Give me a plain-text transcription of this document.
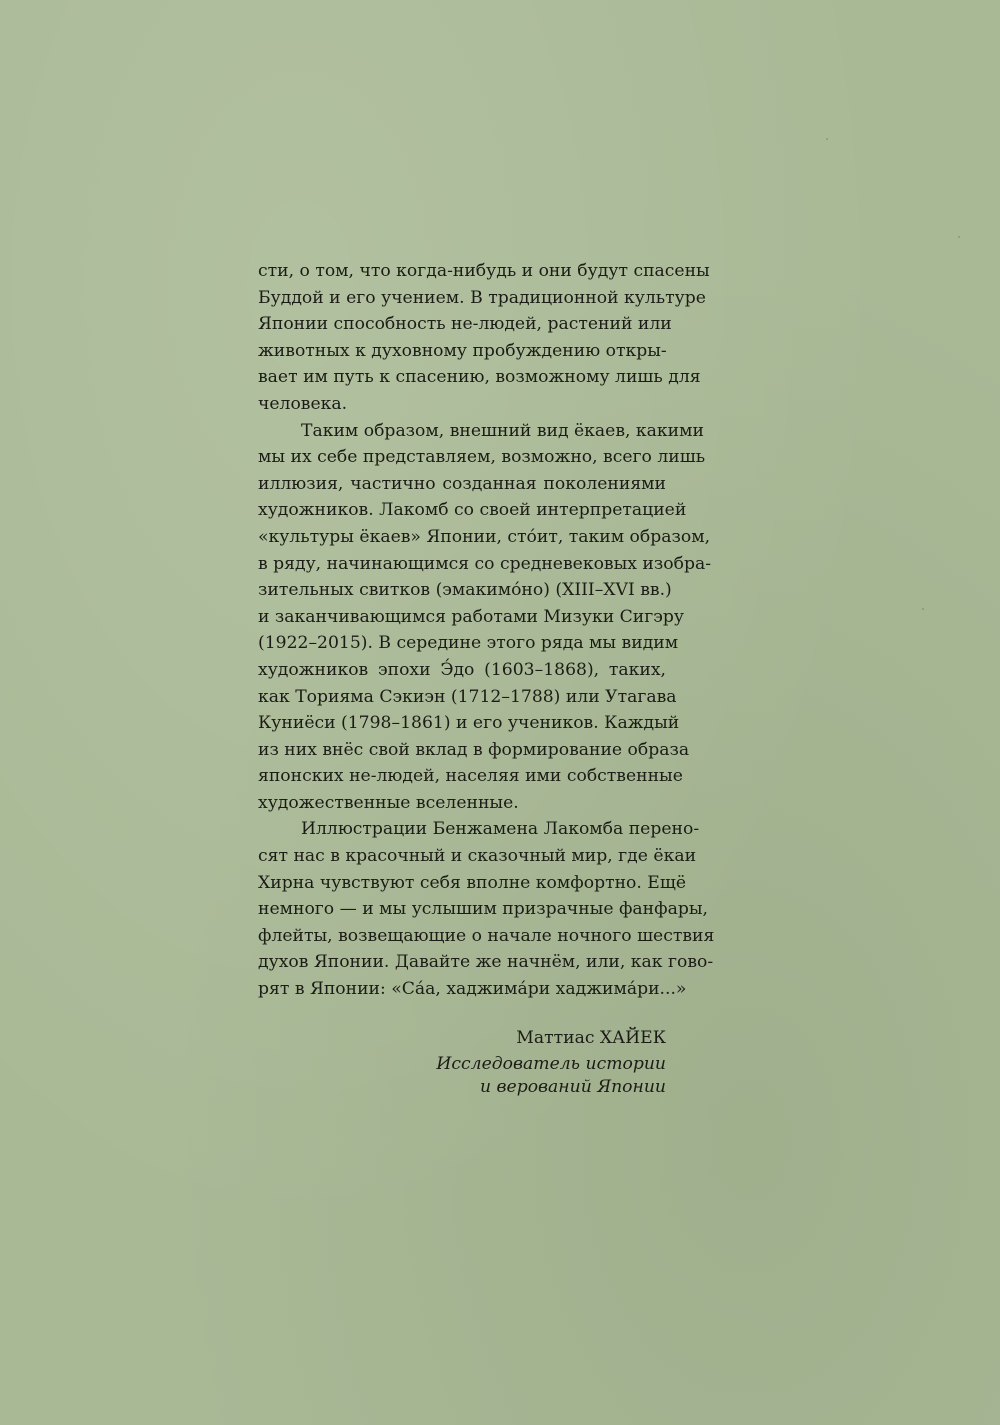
сти, о том, что когда-нибудь и они будут спасены
Буддой и его учением. В традиционной культуре
Японии способность не-людей, растений или
животных к духовному пробуждению откры-
вает им путь к спасению, возможному лишь для
человека.
Таким образом, внешний вид ёкаев, какими
мы их себе представляем, возможно, всего лишь
иллюзия, частично созданная поколениями
художников. Лакомб со своей интерпретацией
«культуры ёкаев» Японии, сто́ит, таким образом,
в ряду, начинающимся со средневековых изобра-
зительных свитков (эмакимо́но) (XIII–XVI вв.)
и заканчивающимся работами Мизуки Сигэру
(1922–2015). В середине этого ряда мы видим
художников эпохи Э́до (1603–1868), таких,
как Торияма Сэкиэн (1712–1788) или Утагава
Куниёси (1798–1861) и его учеников. Каждый
из них внёс свой вклад в формирование образа
японских не-людей, населяя ими собственные
художественные вселенные.
Иллюстрации Бенжамена Лакомба перено-
сят нас в красочный и сказочный мир, где ёкаи
Хирна чувствуют себя вполне комфортно. Ещё
немного — и мы услышим призрачные фанфары,
флейты, возвещающие о начале ночного шествия
духов Японии. Давайте же начнём, или, как гово-
рят в Японии: «Са́а, хаджима́ри хаджима́ри...»
Маттиас ХАЙЕК
Исследователь истории
и верований Японии
